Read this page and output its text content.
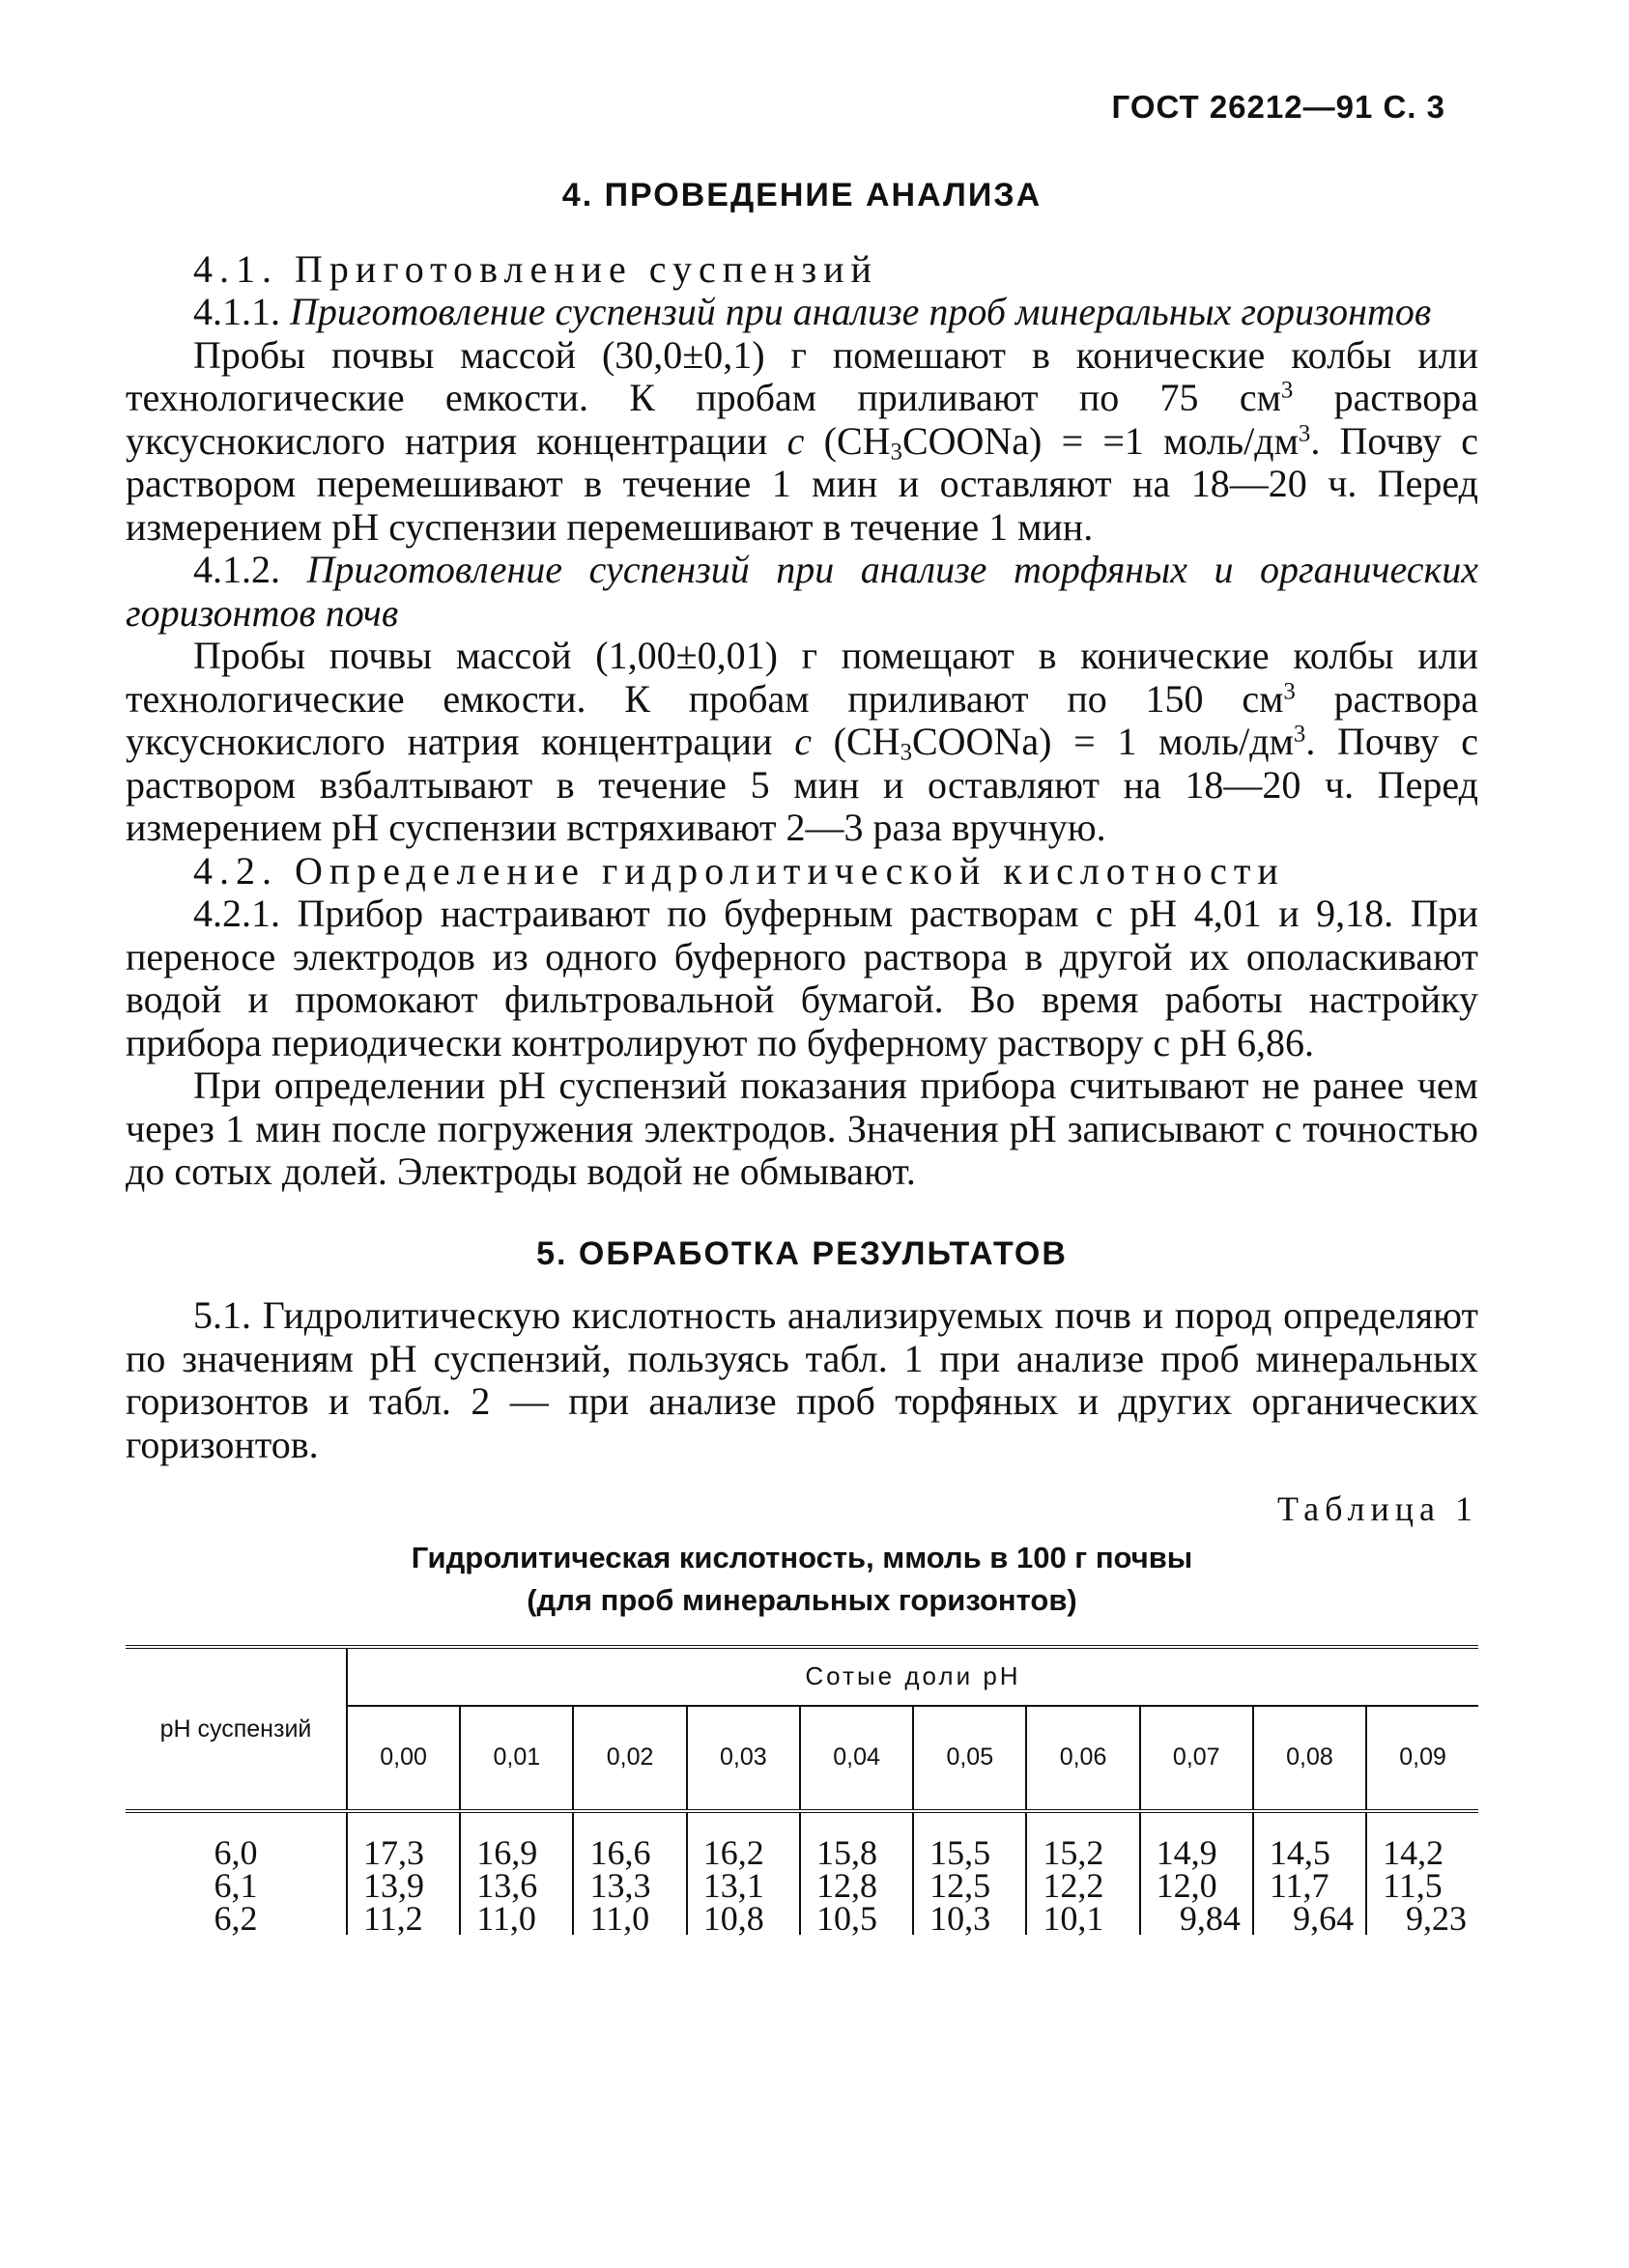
ГОСТ 26212—91 С. 3
4. ПРОВЕДЕНИЕ АНАЛИЗА

4.1. Приготовление суспензий

4.1.1. Приготовление суспензий при анализе проб минеральных горизонтов

Пробы почвы массой (30,0±0,1) г помешают в конические колбы или технологические емкости. К пробам приливают по 75 $см^3$ раствора уксуснокислого натрия концентрации c $(CH_3COONa) = =1$ моль/$дм^3$. Почву с раствором перемешивают в течение 1 мин и оставляют на 18—20 ч. Перед измерением pH суспензии перемешивают в течение 1 мин.

4.1.2. Приготовление суспензий при анализе торфяных и органических горизонтов почв

Пробы почвы массой (1,00±0,01) г помещают в конические колбы или технологические емкости. К пробам приливают по 150 $см^3$ раствора уксуснокислого натрия концентрации c $(CH_3COONa) = 1$ моль/$дм^3$. Почву с раствором взбалтывают в течение 5 мин и оставляют на 18—20 ч. Перед измерением pH суспензии встряхивают 2—3 раза вручную.

4.2. Определение гидролитической кислотности

4.2.1. Прибор настраивают по буферным растворам с pH 4,01 и 9,18. При переносе электродов из одного буферного раствора в другой их ополаскивают водой и промокают фильтровальной бумагой. Во время работы настройку прибора периодически контролируют по буферному раствору с pH 6,86.

При определении pH суспензий показания прибора считывают не ранее чем через 1 мин после погружения электродов. Значения pH записывают с точностью до сотых долей. Электроды водой не обмывают.

5. ОБРАБОТКА РЕЗУЛЬТАТОВ

5.1. Гидролитическую кислотность анализируемых почв и пород определяют по значениям pH суспензий, пользуясь табл. 1 при анализе проб минеральных горизонтов и табл. 2 — при анализе проб торфяных и других органических горизонтов.

Таблица 1
Гидролитическая кислотность, ммоль в 100 г почвы
(для проб минеральных горизонтов)
pH суспензий	Сотые доли pH									
	0,00	0,01	0,02	0,03	0,04	0,05	0,06	0,07	0,08	0,09
6,0	17,3	16,9	16,6	16,2	15,8	15,5	15,2	14,9	14,5	14,2
6,1	13,9	13,6	13,3	13,1	12,8	12,5	12,2	12,0	11,7	11,5
6,2	11,2	11,0	11,0	10,8	10,5	10,3	10,1	9,84	9,64	9,23
